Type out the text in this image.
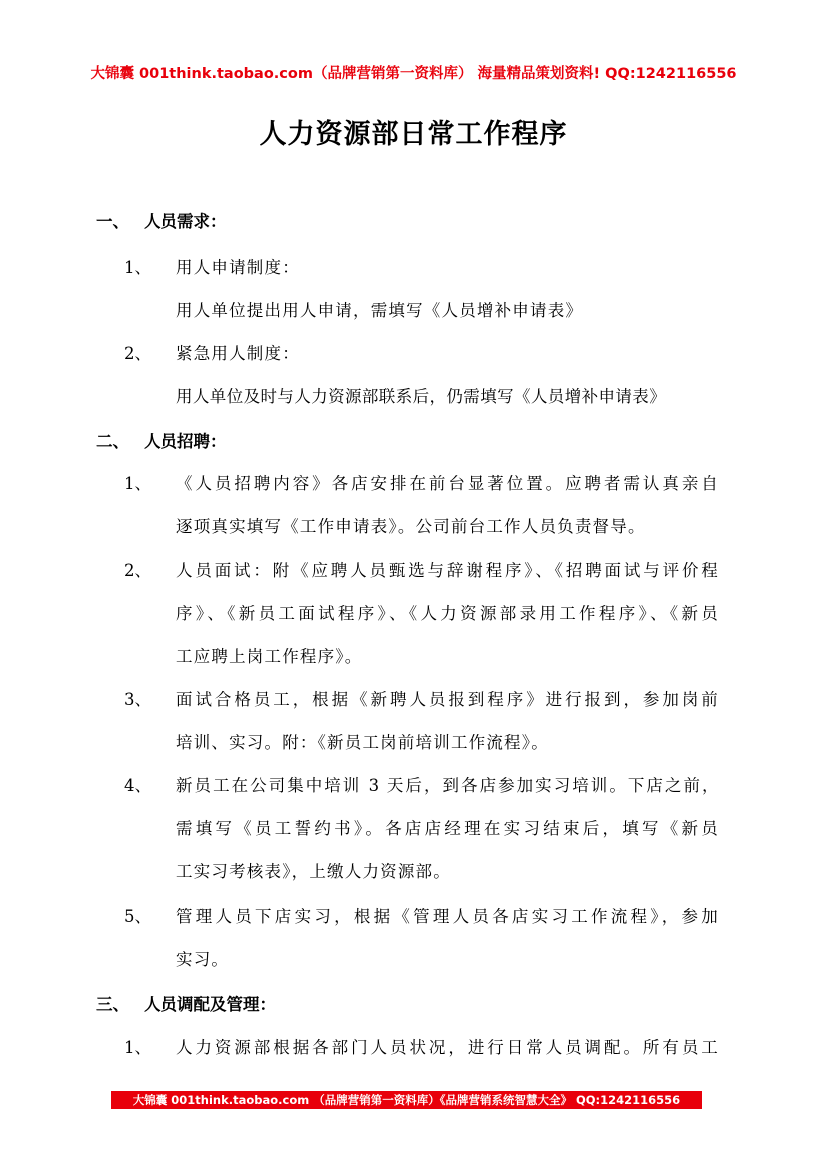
大锦囊 001think.taobao.com（品牌营销第一资料库） 海量精品策划资料! QQ:1242116556
人力资源部日常工作程序
一、 人员需求：
1、 用人申请制度：
用人单位提出用人申请，需填写《人员增补申请表》
2、 紧急用人制度：
用人单位及时与人力资源部联系后，仍需填写《人员增补申请表》
二、 人员招聘：
1、 《人员招聘内容》各店安排在前台显著位置。应聘者需认真亲自
逐项真实填写《工作申请表》。公司前台工作人员负责督导。
2、 人员面试：附《应聘人员甄选与辞谢程序》、《招聘面试与评价程
序》、《新员工面试程序》、《人力资源部录用工作程序》、《新员
工应聘上岗工作程序》。
3、 面试合格员工，根据《新聘人员报到程序》进行报到，参加岗前
培训、实习。附：《新员工岗前培训工作流程》。
4、 新员工在公司集中培训 3 天后，到各店参加实习培训。下店之前，
需填写《员工誓约书》。各店店经理在实习结束后，填写《新员
工实习考核表》，上缴人力资源部。
5、 管理人员下店实习，根据《管理人员各店实习工作流程》，参加
实习。
三、 人员调配及管理：
1、 人力资源部根据各部门人员状况，进行日常人员调配。所有员工
大锦囊 001think.taobao.com （品牌营销第一资料库）《品牌营销系统智慧大全》 QQ:1242116556
